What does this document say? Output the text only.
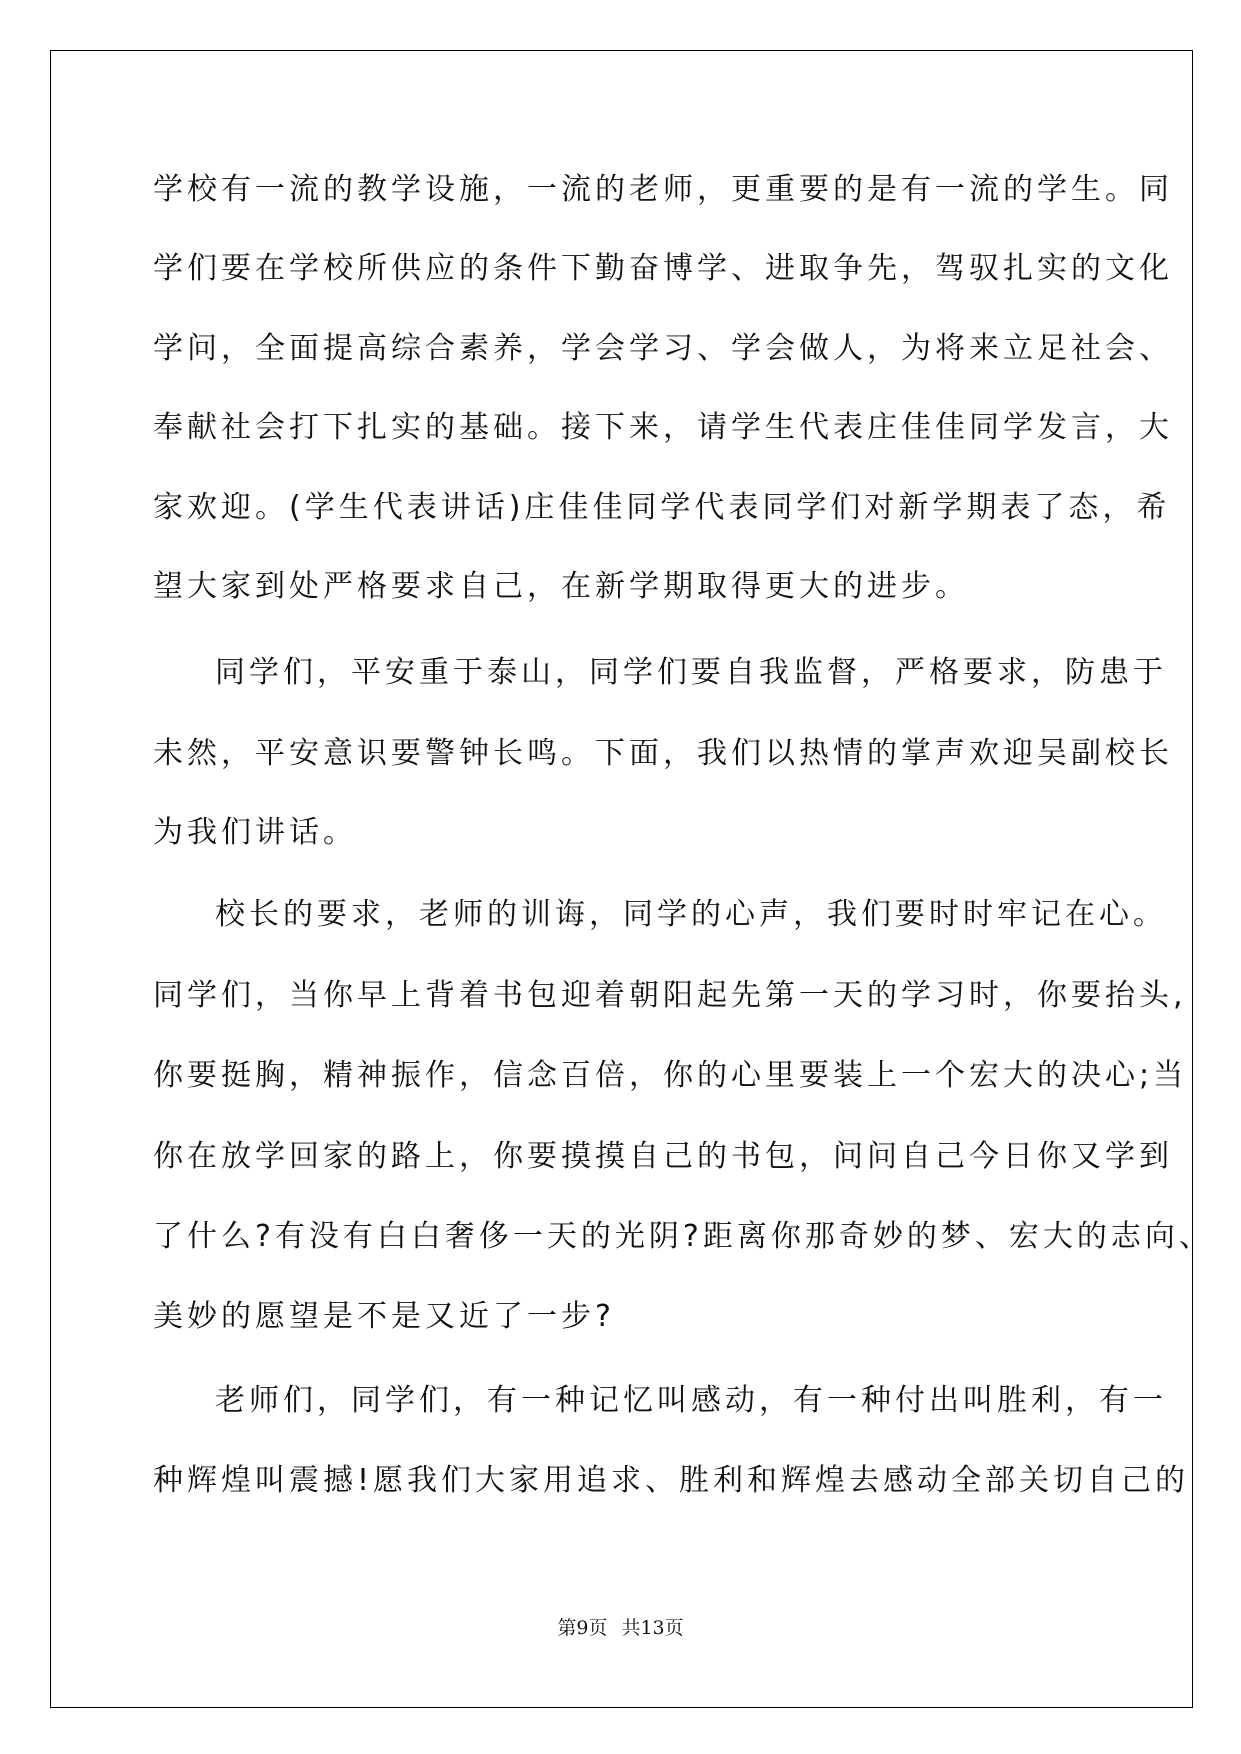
学校有一流的教学设施，一流的老师，更重要的是有一流的学生。同
学们要在学校所供应的条件下勤奋博学、进取争先，驾驭扎实的文化
学问，全面提高综合素养，学会学习、学会做人，为将来立足社会、
奉献社会打下扎实的基础。接下来，请学生代表庄佳佳同学发言，大
家欢迎。(学生代表讲话)庄佳佳同学代表同学们对新学期表了态，希
望大家到处严格要求自己，在新学期取得更大的进步。
同学们，平安重于泰山，同学们要自我监督，严格要求，防患于
未然，平安意识要警钟长鸣。下面，我们以热情的掌声欢迎吴副校长
为我们讲话。
校长的要求，老师的训诲，同学的心声，我们要时时牢记在心。
同学们，当你早上背着书包迎着朝阳起先第一天的学习时，你要抬头,
你要挺胸，精神振作，信念百倍，你的心里要装上一个宏大的决心;当
你在放学回家的路上，你要摸摸自己的书包，问问自己今日你又学到
了什么?有没有白白奢侈一天的光阴?距离你那奇妙的梦、宏大的志向、
美妙的愿望是不是又近了一步?
老师们，同学们，有一种记忆叫感动，有一种付出叫胜利，有一
种辉煌叫震撼!愿我们大家用追求、胜利和辉煌去感动全部关切自己的
第9页 共13页
